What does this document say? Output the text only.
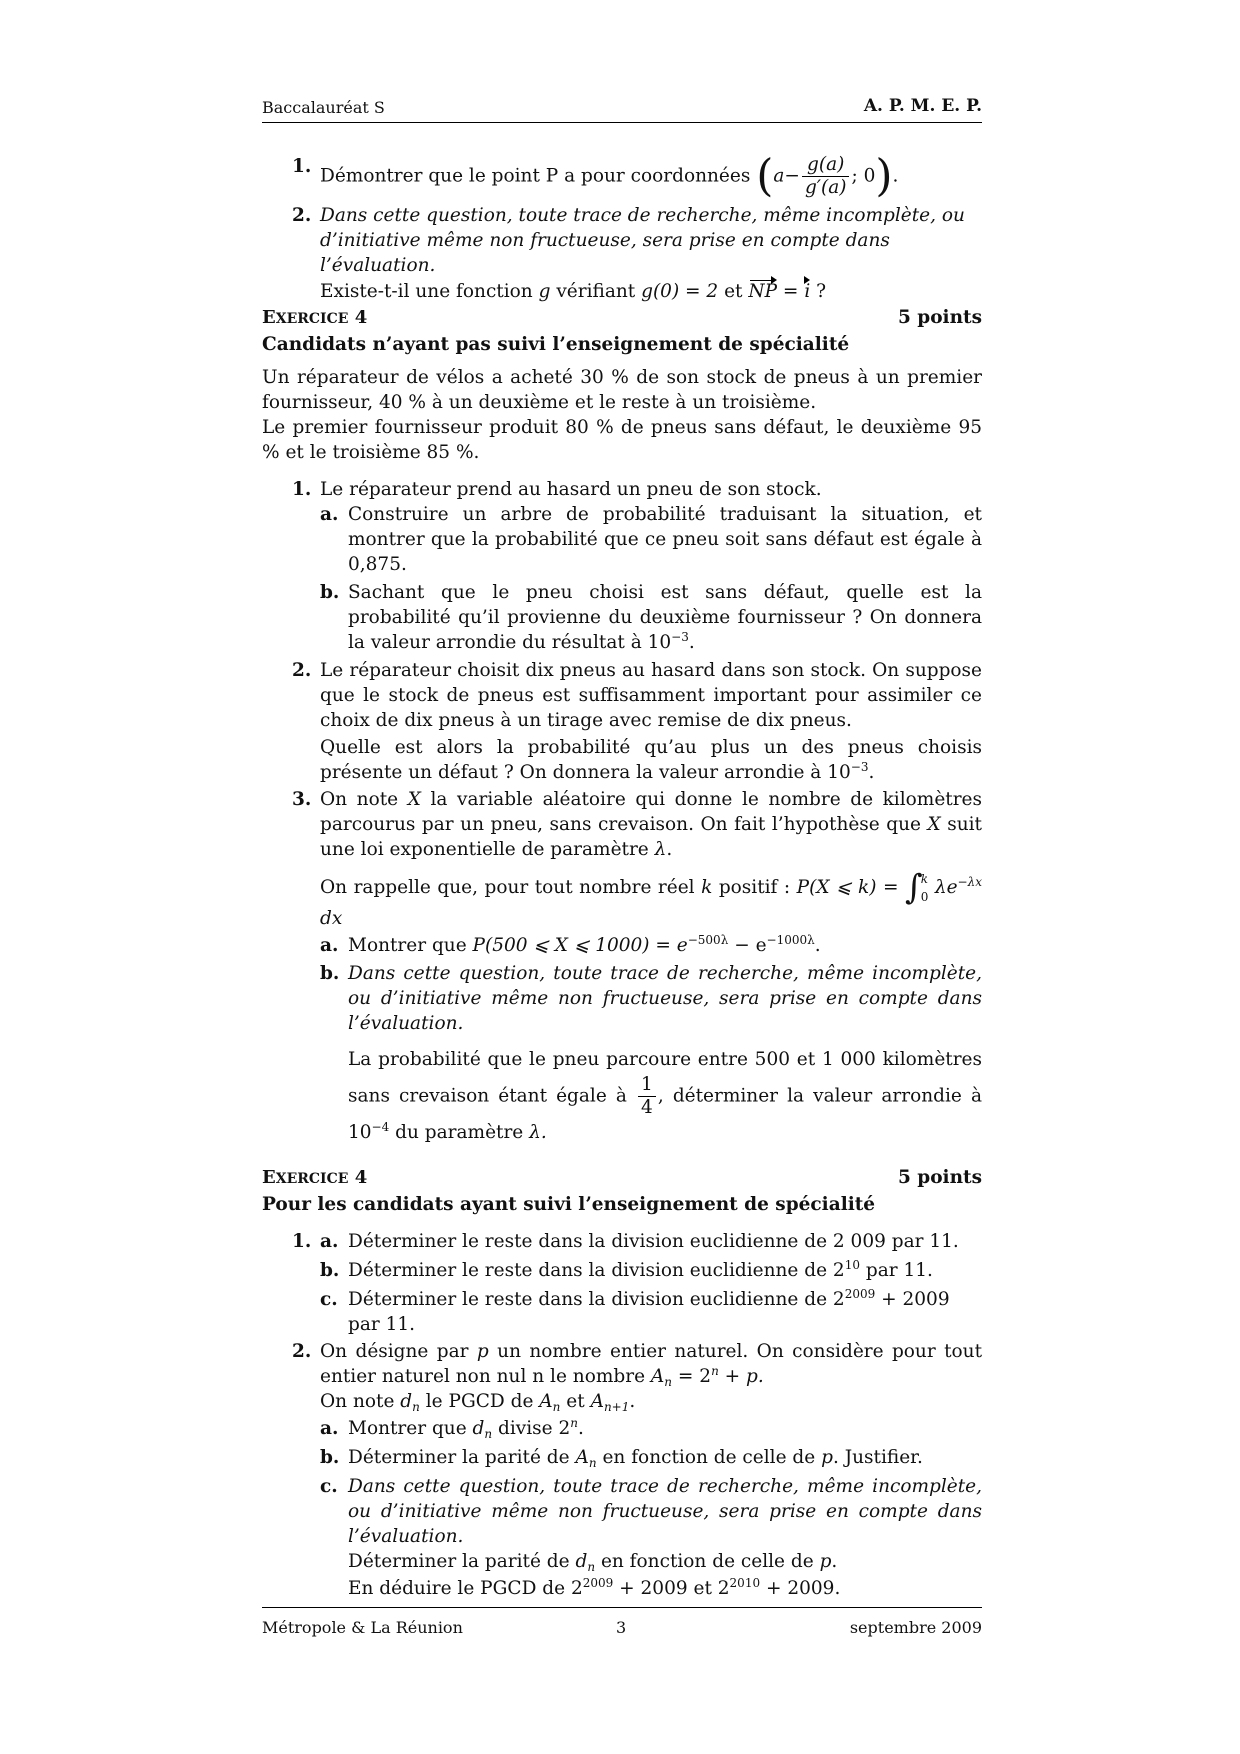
Baccalauréat S	A. P. M. E. P.
1. Démontrer que le point P a pour coordonnées ($a- \frac{g(a)}{g'(a)}$ ; 0).
2. Dans cette question, toute trace de recherche, même incomplète, ou d’initiative même non fructueuse, sera prise en compte dans l’évaluation.
Existe-t-il une fonction g vérifiant g(0) = 2 et NP = i ?
EXERCICE 4	5 points
Candidats n’ayant pas suivi l’enseignement de spécialité
Un réparateur de vélos a acheté 30 % de son stock de pneus à un premier fournisseur, 40 % à un deuxième et le reste à un troisième.
Le premier fournisseur produit 80 % de pneus sans défaut, le deuxième 95 % et le troisième 85 %.
1. Le réparateur prend au hasard un pneu de son stock.
a. Construire un arbre de probabilité traduisant la situation, et montrer que la probabilité que ce pneu soit sans défaut est égale à 0,875.
b. Sachant que le pneu choisi est sans défaut, quelle est la probabilité qu’il provienne du deuxième fournisseur ? On donnera la valeur arrondie du résultat à $10^{-3}$.
2. Le réparateur choisit dix pneus au hasard dans son stock. On suppose que le stock de pneus est suffisamment important pour assimiler ce choix de dix pneus à un tirage avec remise de dix pneus.
Quelle est alors la probabilité qu’au plus un des pneus choisis présente un défaut ? On donnera la valeur arrondie à $10^{-3}$.
3. On note X la variable aléatoire qui donne le nombre de kilomètres parcourus par un pneu, sans crevaison. On fait l’hypothèse que X suit une loi exponentielle de paramètre λ.
On rappelle que, pour tout nombre réel k positif : P(X ⩽ k) = ∫
k
0 $\lambda e^{-\lambda x}$ dx
a. Montrer que P(500 ⩽ X ⩽ $1000) = e^{-500\lambda} - e^{-1000\lambda}$.
b. Dans cette question, toute trace de recherche, même incomplète, ou d’initiative même non fructueuse, sera prise en compte dans l’évaluation.
La probabilité que le pneu parcoure entre 500 et 1 000 kilomètres sans crevaison étant égale à $\frac{1}{4}$ , déterminer la valeur arrondie à $10^{-4}$ du paramètre λ.
EXERCICE 4	5 points
Pour les candidats ayant suivi l’enseignement de spécialité
1. a. Déterminer le reste dans la division euclidienne de 2 009 par 11.
b. Déterminer le reste dans la division euclidienne de $2^{10}$ par 11.
c. Déterminer le reste dans la division euclidienne de $2^{2009} + 2009$ par 11.
2. On désigne par p un nombre entier naturel. On considère pour tout entier naturel non nul n le nombre $A_n = 2^n + p$.
On note $d_n$ le PGCD de $A_n$ et $A_{n+1}$.
a. Montrer que $d_n$ divise 2$^n$.
b. Déterminer la parité de $A_n$ en fonction de celle de p. Justifier.
c. Dans cette question, toute trace de recherche, même incomplète, ou d’initiative même non fructueuse, sera prise en compte dans l’évaluation.
Déterminer la parité de $d_n$ en fonction de celle de p.
En déduire le PGCD de $2^{2009} + 2009$ et $2^{2010} + 2009$.
Métropole & La Réunion	3	septembre 2009
